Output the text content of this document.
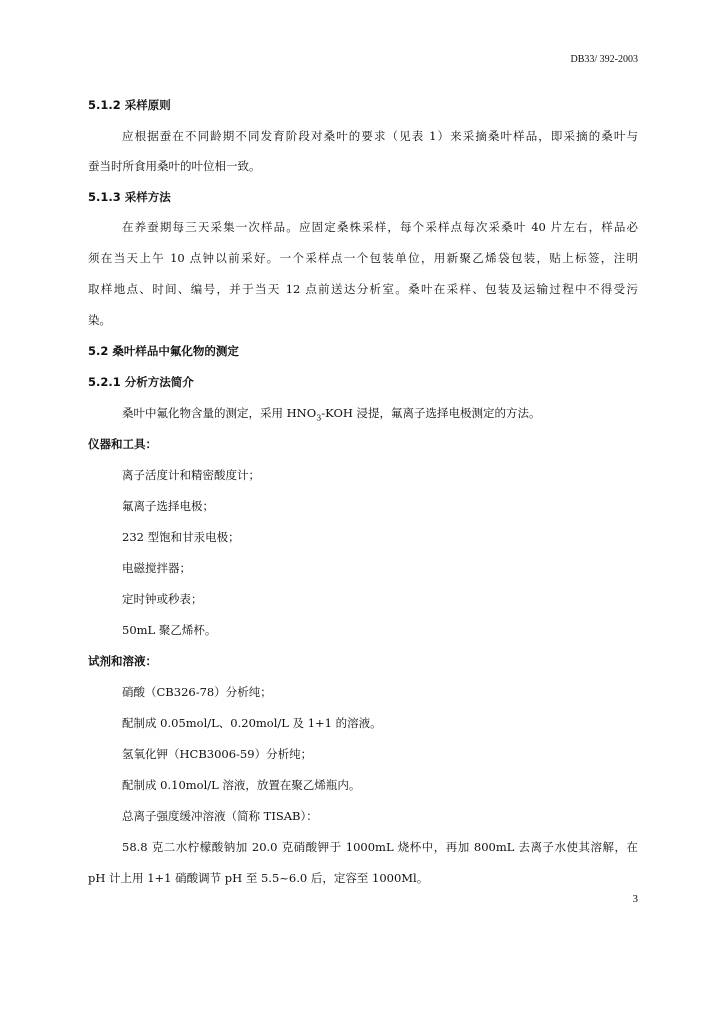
DB33/ 392-2003
5.1.2 采样原则
应根据蚕在不同龄期不同发育阶段对桑叶的要求（见表 1）来采摘桑叶样品，即采摘的桑叶与
蚕当时所食用桑叶的叶位相一致。
5.1.3 采样方法
在养蚕期每三天采集一次样品。应固定桑株采样，每个采样点每次采桑叶 40 片左右，样品必
须在当天上午 10 点钟以前采好。一个采样点一个包装单位，用新聚乙烯袋包装，贴上标签，注明
取样地点、时间、编号，并于当天 12 点前送达分析室。桑叶在采样、包装及运输过程中不得受污
染。
5.2 桑叶样品中氟化物的测定
5.2.1 分析方法简介
桑叶中氟化物含量的测定，采用 $HNO_3$-KOH 浸提，氟离子选择电极测定的方法。
仪器和工具：
离子活度计和精密酸度计；
氟离子选择电极；
232 型饱和甘汞电极；
电磁搅拌器；
定时钟或秒表；
50mL 聚乙烯杯。
试剂和溶液：
硝酸（CB326-78）分析纯；
配制成 0.05mol/L、0.20mol/L 及 1+1 的溶液。
氢氧化钾（HCB3006-59）分析纯；
配制成 0.10mol/L 溶液，放置在聚乙烯瓶内。
总离子强度缓冲溶液（简称 TISAB）：
58.8 克二水柠檬酸钠加 20.0 克硝酸钾于 1000mL 烧杯中，再加 800mL 去离子水使其溶解，在
pH 计上用 1+1 硝酸调节 pH 至 5.5~6.0 后，定容至 1000Ml。
3
